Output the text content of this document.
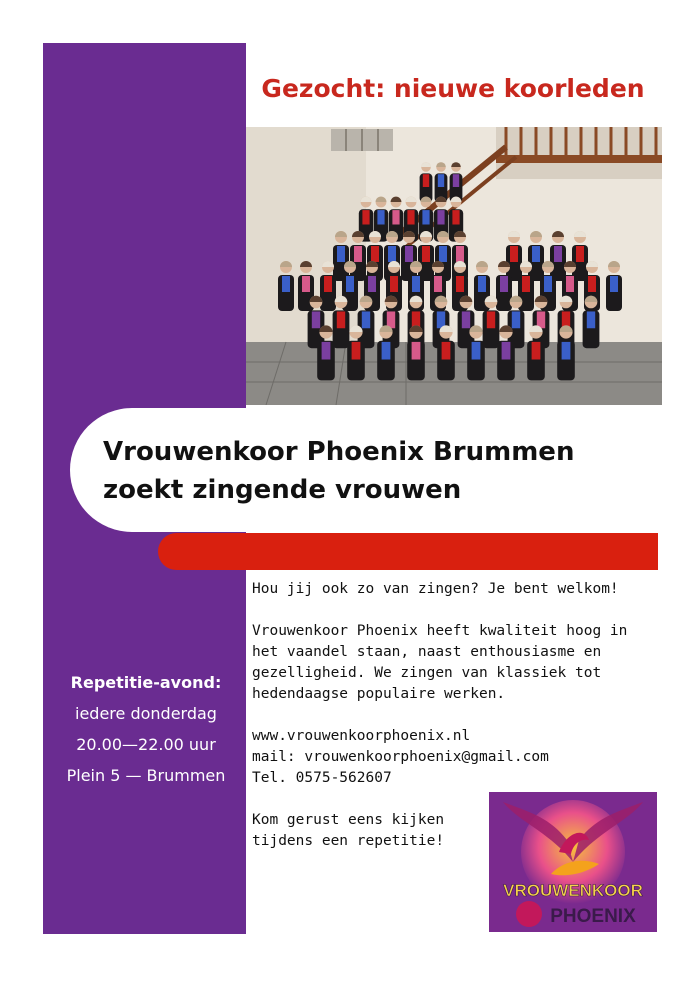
Gezocht: nieuwe koorleden
Vrouwenkoor Phoenix Brummen
zoekt zingende vrouwen
Repetitie-avond:
iedere donderdag
20.00—22.00 uur
Plein 5 — Brummen

Hou jij ook zo van zingen? Je bent welkom!

Vrouwenkoor Phoenix heeft kwaliteit hoog in

het vaandel staan, naast enthousiasme en

gezelligheid. We zingen van klassiek tot

hedendaagse populaire werken.

www.vrouwenkoorphoenix.nl

mail: vrouwenkoorphoenix@gmail.com

Tel. 0575-562607

Kom gerust eens kijken

tijdens een repetitie!

VROUWENKOOR
PHOENIX
